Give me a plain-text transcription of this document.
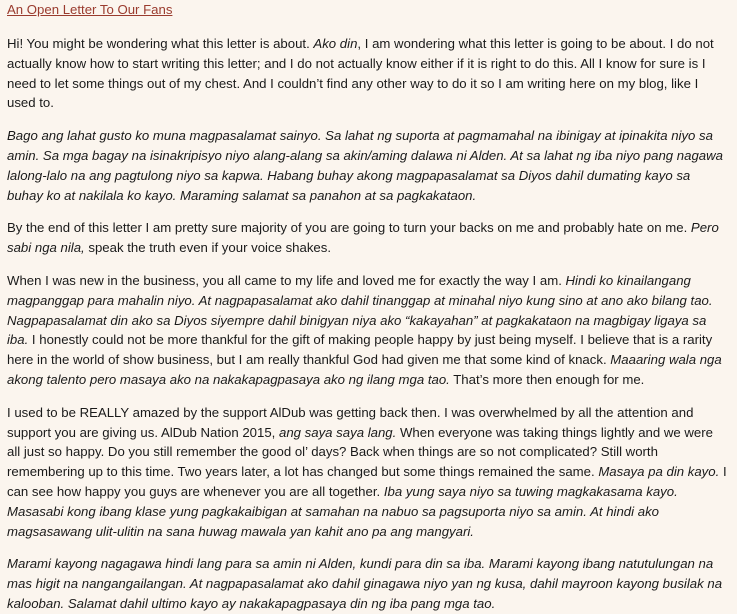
An Open Letter To Our Fans

Hi! You might be wondering what this letter is about. Ako din, I am wondering what this letter is going to be about. I do not actually know how to start writing this letter; and I do not actually know either if it is right to do this. All I know for sure is I need to let some things out of my chest. And I couldn’t find any other way to do it so I am writing here on my blog, like I used to.

Bago ang lahat gusto ko muna magpasalamat sainyo. Sa lahat ng suporta at pagmamahal na ibinigay at ipinakita niyo sa amin. Sa mga bagay na isinakripisyo niyo alang-alang sa akin/aming dalawa ni Alden. At sa lahat ng iba niyo pang nagawa lalong-lalo na ang pagtulong niyo sa kapwa. Habang buhay akong magpapasalamat sa Diyos dahil dumating kayo sa buhay ko at nakilala ko kayo. Maraming salamat sa panahon at sa pagkakataon.

By the end of this letter I am pretty sure majority of you are going to turn your backs on me and probably hate on me. Pero sabi nga nila, speak the truth even if your voice shakes.

When I was new in the business, you all came to my life and loved me for exactly the way I am. Hindi ko kinailangang magpanggap para mahalin niyo. At nagpapasalamat ako dahil tinanggap at minahal niyo kung sino at ano ako bilang tao. Nagpapasalamat din ako sa Diyos siyempre dahil binigyan niya ako “kakayahan” at pagkakataon na magbigay ligaya sa iba. I honestly could not be more thankful for the gift of making people happy by just being myself. I believe that is a rarity here in the world of show business, but I am really thankful God had given me that some kind of knack. Maaaring wala nga akong talento pero masaya ako na nakakapagpasaya ako ng ilang mga tao. That’s more then enough for me.

I used to be REALLY amazed by the support AlDub was getting back then. I was overwhelmed by all the attention and support you are giving us. AlDub Nation 2015, ang saya saya lang. When everyone was taking things lightly and we were all just so happy. Do you still remember the good ol’ days? Back when things are so not complicated? Still worth remembering up to this time. Two years later, a lot has changed but some things remained the same. Masaya pa din kayo. I can see how happy you guys are whenever you are all together. Iba yung saya niyo sa tuwing magkakasama kayo. Masasabi kong ibang klase yung pagkakaibigan at samahan na nabuo sa pagsuporta niyo sa amin. At hindi ako magsasawang ulit-ulitin na sana huwag mawala yan kahit ano pa ang mangyari.

Marami kayong nagagawa hindi lang para sa amin ni Alden, kundi para din sa iba. Marami kayong ibang natutulungan na mas higit na nangangailangan. At nagpapasalamat ako dahil ginagawa niyo yan ng kusa, dahil mayroon kayong busilak na kalooban. Salamat dahil ultimo kayo ay nakakapagpasaya din ng iba pang mga tao.
